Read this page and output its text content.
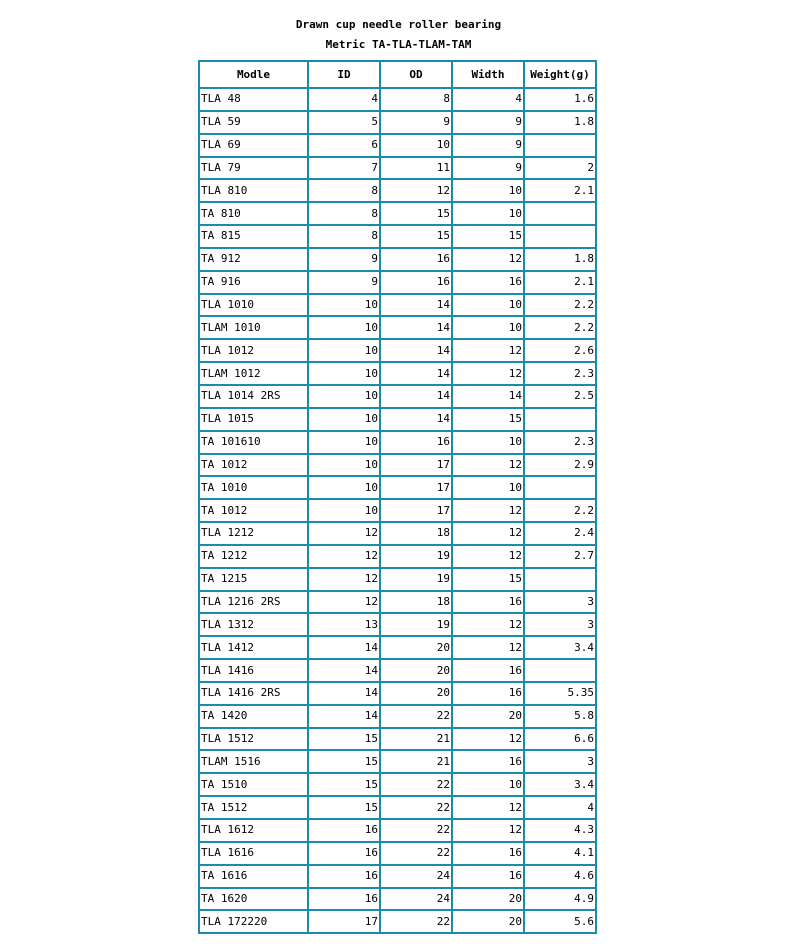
Drawn cup needle roller bearing
Metric TA-TLA-TLAM-TAM
Modle	ID	OD	Width	Weight(g)
TLA 48	4	8	4	1.6
TLA 59	5	9	9	1.8
TLA 69	6	10	9	
TLA 79	7	11	9	2
TLA 810	8	12	10	2.1
TA 810	8	15	10	
TA 815	8	15	15	
TA 912	9	16	12	1.8
TA 916	9	16	16	2.1
TLA 1010	10	14	10	2.2
TLAM 1010	10	14	10	2.2
TLA 1012	10	14	12	2.6
TLAM 1012	10	14	12	2.3
TLA 1014 2RS	10	14	14	2.5
TLA 1015	10	14	15	
TA 101610	10	16	10	2.3
TA 1012	10	17	12	2.9
TA 1010	10	17	10	
TA 1012	10	17	12	2.2
TLA 1212	12	18	12	2.4
TA 1212	12	19	12	2.7
TA 1215	12	19	15	
TLA 1216 2RS	12	18	16	3
TLA 1312	13	19	12	3
TLA 1412	14	20	12	3.4
TLA 1416	14	20	16	
TLA 1416 2RS	14	20	16	5.35
TA 1420	14	22	20	5.8
TLA 1512	15	21	12	6.6
TLAM 1516	15	21	16	3
TA 1510	15	22	10	3.4
TA 1512	15	22	12	4
TLA 1612	16	22	12	4.3
TLA 1616	16	22	16	4.1
TA 1616	16	24	16	4.6
TA 1620	16	24	20	4.9
TLA 172220	17	22	20	5.6
